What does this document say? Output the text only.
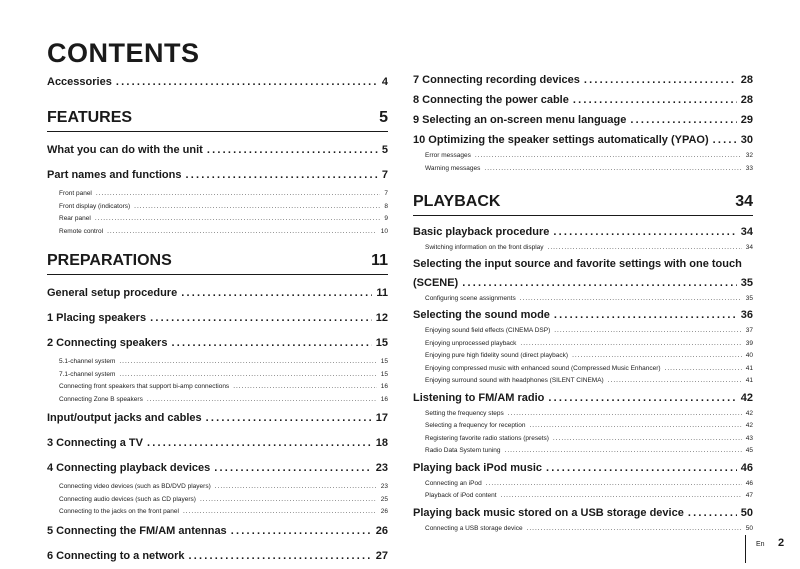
CONTENTS
Accessories .....	4
FEATURES	5
What you can do with the unit .....	5
Part names and functions .....	7
Front panel .....	7
Front display (indicators) .....	8
Rear panel .....	9
Remote control .....	10
PREPARATIONS	11
General setup procedure .....	11
1 Placing speakers .....	12
2 Connecting speakers .....	15
5.1-channel system .....	15
7.1-channel system .....	15
Connecting front speakers that support bi-amp connections .....	16
Connecting Zone B speakers .....	16
Input/output jacks and cables .....	17
3 Connecting a TV .....	18
4 Connecting playback devices .....	23
Connecting video devices (such as BD/DVD players) .....	23
Connecting audio devices (such as CD players) .....	25
Connecting to the jacks on the front panel .....	26
5 Connecting the FM/AM antennas .....	26
6 Connecting to a network .....	27
7 Connecting recording devices .....	28
8 Connecting the power cable .....	28
9 Selecting an on-screen menu language .....	29
10 Optimizing the speaker settings automatically (YPAO) .....	30
Error messages .....	32
Warning messages .....	33
PLAYBACK	34
Basic playback procedure .....	34
Switching information on the front display .....	34
Selecting the input source and favorite settings with one touch
(SCENE) .....	35
Configuring scene assignments .....	35
Selecting the sound mode .....	36
Enjoying sound field effects (CINEMA DSP) .....	37
Enjoying unprocessed playback .....	39
Enjoying pure high fidelity sound (direct playback) .....	40
Enjoying compressed music with enhanced sound (Compressed Music Enhancer) .....	41
Enjoying surround sound with headphones (SILENT CINEMA) .....	41
Listening to FM/AM radio .....	42
Setting the frequency steps .....	42
Selecting a frequency for reception .....	42
Registering favorite radio stations (presets) .....	43
Radio Data System tuning .....	45
Playing back iPod music .....	46
Connecting an iPod .....	46
Playback of iPod content .....	47
Playing back music stored on a USB storage device .....	50
Connecting a USB storage device .....	50
En 2
